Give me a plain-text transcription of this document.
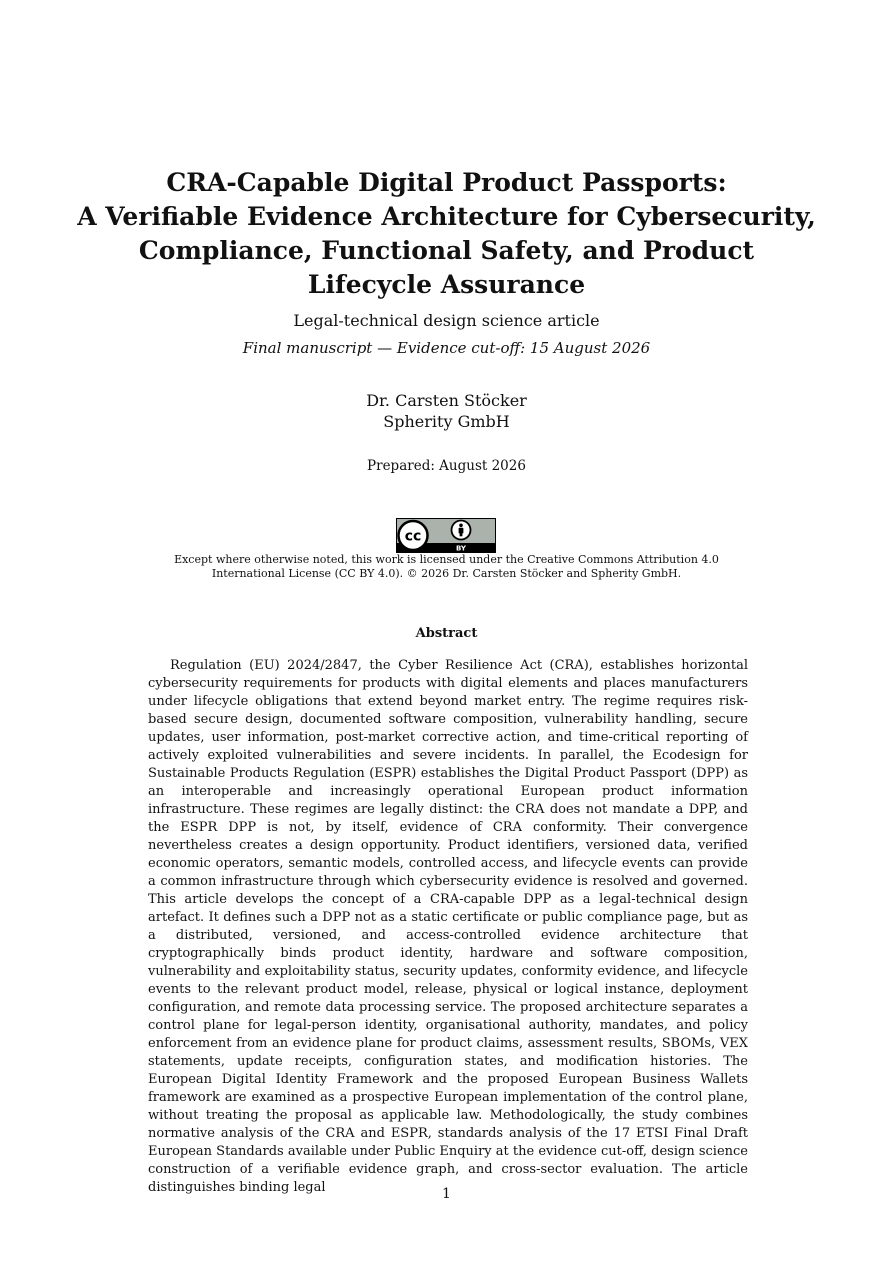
CRA-Capable Digital Product Passports:
A Verifiable Evidence Architecture for Cybersecurity,
Compliance, Functional Safety, and Product
Lifecycle Assurance
Legal-technical design science article
Final manuscript — Evidence cut-off: 15 August 2026
Dr. Carsten Stöcker
Spherity GmbH
Prepared: August 2026
cc
BY
Except where otherwise noted, this work is licensed under the Creative Commons Attribution 4.0 International License (CC BY 4.0). © 2026 Dr. Carsten Stöcker and Spherity GmbH.
Abstract

Regulation (EU) 2024/2847, the Cyber Resilience Act (CRA), establishes horizontal cybersecurity requirements for products with digital elements and places manufacturers under lifecycle obligations that extend beyond market entry. The regime requires risk-based secure design, documented software composition, vulnerability handling, secure updates, user information, post-market corrective action, and time-critical reporting of actively exploited vulnerabilities and severe incidents. In parallel, the Ecodesign for Sustainable Products Regulation (ESPR) establishes the Digital Product Passport (DPP) as an interoperable and increasingly operational European product information infrastructure. These regimes are legally distinct: the CRA does not mandate a DPP, and the ESPR DPP is not, by itself, evidence of CRA conformity. Their convergence nevertheless creates a design opportunity. Product identifiers, versioned data, verified economic operators, semantic models, controlled access, and lifecycle events can provide a common infrastructure through which cybersecurity evidence is resolved and governed. This article develops the concept of a CRA-capable DPP as a legal-technical design artefact. It defines such a DPP not as a static certificate or public compliance page, but as a distributed, versioned, and access-controlled evidence architecture that cryptographically binds product identity, hardware and software composition, vulnerability and exploitability status, security updates, conformity evidence, and lifecycle events to the relevant product model, release, physical or logical instance, deployment configuration, and remote data processing service. The proposed architecture separates a control plane for legal-person identity, organisational authority, mandates, and policy enforcement from an evidence plane for product claims, assessment results, SBOMs, VEX statements, update receipts, configuration states, and modification histories. The European Digital Identity Framework and the proposed European Business Wallets framework are examined as a prospective European implementation of the control plane, without treating the proposal as applicable law. Methodologically, the study combines normative analysis of the CRA and ESPR, standards analysis of the 17 ETSI Final Draft European Standards available under Public Enquiry at the evidence cut-off, design science construction of a verifiable evidence graph, and cross-sector evaluation. The article distinguishes binding legal	1
